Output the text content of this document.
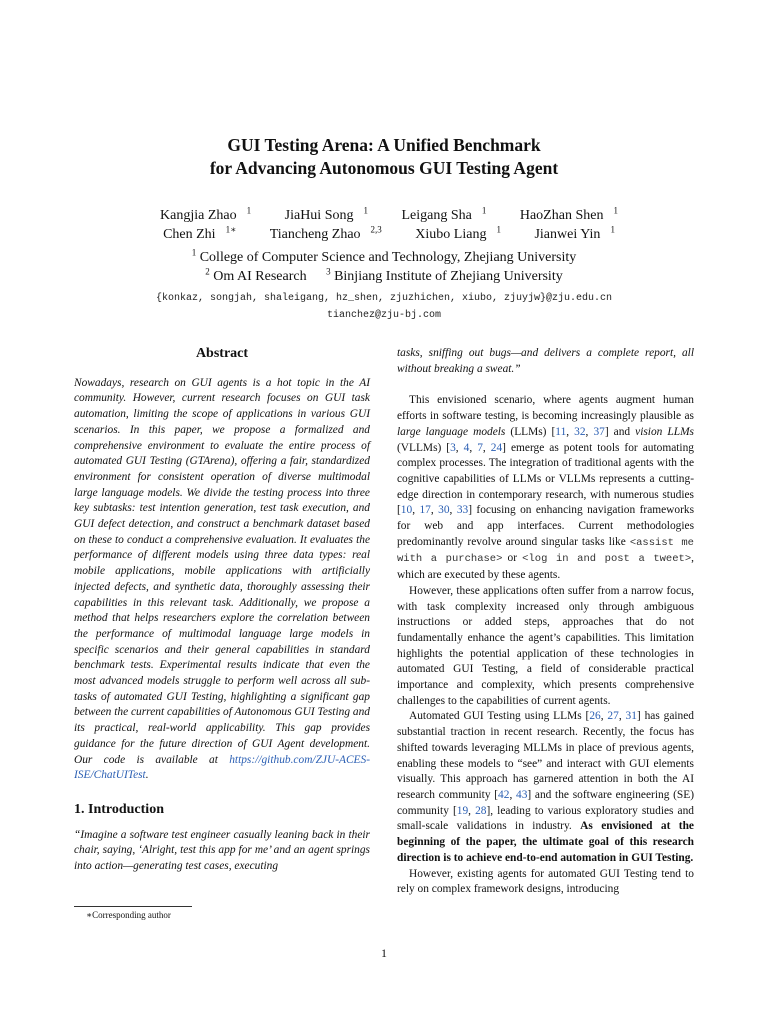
GUI Testing Arena: A Unified Benchmark
for Advancing Autonomous GUI Testing Agent
Kangjia Zhao $^1$ JiaHui Song $^1$ Leigang Sha $^1$ HaoZhan Shen $^1$
Chen Zhi $^{1∗}$ Tiancheng Zhao $^{2,3}$ Xiubo Liang $^1$ Jianwei Yin $^1$
$^1$ College of Computer Science and Technology, Zhejiang University
$^2$ Om AI Research $^3$ Binjiang Institute of Zhejiang University
{konkaz, songjah, shaleigang, hz_shen, zjuzhichen, xiubo, zjuyjw}@zju.edu.cn
tianchez@zju-bj.com
Abstract

Nowadays, research on GUI agents is a hot topic in the AI community. However, current research focuses on GUI task automation, limiting the scope of applications in various GUI scenarios. In this paper, we propose a formalized and comprehensive environment to evaluate the entire process of automated GUI Testing (GTArena), offering a fair, standardized environment for consistent operation of diverse multimodal large language models. We divide the testing process into three key subtasks: test intention generation, test task execution, and GUI defect detection, and construct a benchmark dataset based on these to conduct a comprehensive evaluation. It evaluates the performance of different models using three data types: real mobile applications, mobile applications with artificially injected defects, and synthetic data, thoroughly assessing their capabilities in this relevant task. Additionally, we propose a method that helps researchers explore the correlation between the performance of multimodal language large models in specific scenarios and their general capabilities in standard benchmark tests. Experimental results indicate that even the most advanced models struggle to perform well across all sub-tasks of automated GUI Testing, highlighting a significant gap between the current capabilities of Autonomous GUI Testing and its practical, real-world applicability. This gap provides guidance for the future direction of GUI Agent development. Our code is available at https://github.com/ZJU-ACES-ISE/ChatUITest.

1. Introduction

“Imagine a software test engineer casually leaning back in their chair, saying, ‘Alright, test this app for me’ and an agent springs into action—generating test cases, executing

∗Corresponding author

tasks, sniffing out bugs—and delivers a complete report, all without breaking a sweat.”

This envisioned scenario, where agents augment human efforts in software testing, is becoming increasingly plausible as large language models (LLMs) [11, 32, 37] and vision LLMs (VLLMs) [3, 4, 7, 24] emerge as potent tools for automating complex processes. The integration of traditional agents with the cognitive capabilities of LLMs or VLLMs represents a cutting-edge direction in contemporary research, with numerous studies [10, 17, 30, 33] focusing on enhancing navigation frameworks for web and app interfaces. Current methodologies predominantly revolve around singular tasks like <assist me with a purchase> or <log in and post a tweet>, which are executed by these agents.

However, these applications often suffer from a narrow focus, with task complexity increased only through ambiguous instructions or added steps, approaches that do not fundamentally enhance the agent’s capabilities. This limitation highlights the potential application of these technologies in automated GUI Testing, a field of considerable practical importance and complexity, which presents comprehensive challenges to the capabilities of current agents.

Automated GUI Testing using LLMs [26, 27, 31] has gained substantial traction in recent research. Recently, the focus has shifted towards leveraging MLLMs in place of previous agents, enabling these models to “see” and interact with GUI elements visually. This approach has garnered attention in both the AI research community [42, 43] and the software engineering (SE) community [19, 28], leading to various exploratory studies and small-scale validations in industry. As envisioned at the beginning of the paper, the ultimate goal of this research direction is to achieve end-to-end automation in GUI Testing.

However, existing agents for automated GUI Testing tend to rely on complex framework designs, introducing

1
